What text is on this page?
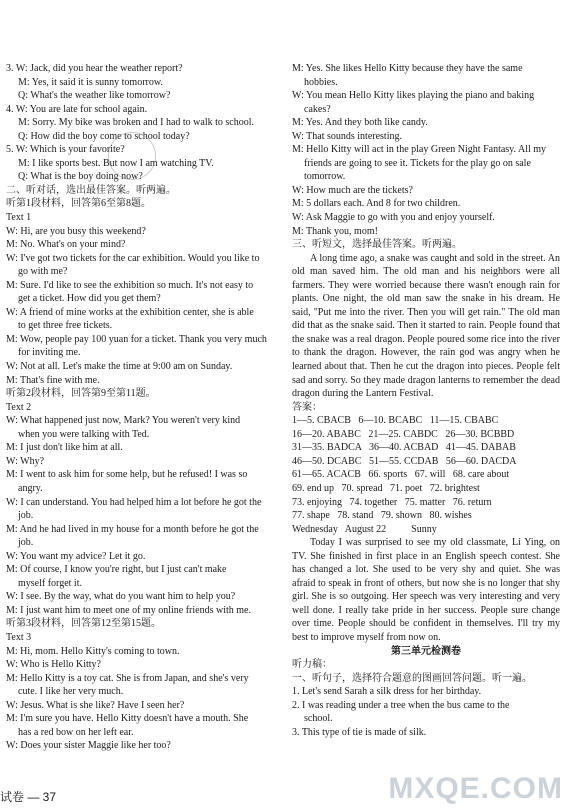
3. W: Jack, did you hear the weather report?
M: Yes, it said it is sunny tomorrow.
Q: What's the weather like tomorrow?
4. W: You are late for school again.
M: Sorry. My bike was broken and I had to walk to school.
Q: How did the boy come to school today?
5. W: Which is your favorite?
M: I like sports best. But now I am watching TV.
Q: What is the boy doing now?
二、听对话，选出最佳答案。听两遍。
听第1段材料，回答第6至第8题。
Text 1
W: Hi, are you busy this weekend?
M: No. What's on your mind?
W: I've got two tickets for the car exhibition. Would you like to
go with me?
M: Sure. I'd like to see the exhibition so much. It's not easy to
get a ticket. How did you get them?
W: A friend of mine works at the exhibition center, she is able
to get three free tickets.
M: Wow, people pay 100 yuan for a ticket. Thank you very much
for inviting me.
W: Not at all. Let's make the time at 9:00 am on Sunday.
M: That's fine with me.
听第2段材料，回答第9至第11题。
Text 2
W: What happened just now, Mark? You weren't very kind
when you were talking with Ted.
M: I just don't like him at all.
W: Why?
M: I went to ask him for some help, but he refused! I was so
angry.
W: I can understand. You had helped him a lot before he got the
job.
M: And he had lived in my house for a month before he got the
job.
W: You want my advice? Let it go.
M: Of course, I know you're right, but I just can't make
myself forget it.
W: I see. By the way, what do you want him to help you?
M: I just want him to meet one of my online friends with me.
听第3段材料，回答第12至第15题。
Text 3
M: Hi, mom. Hello Kitty's coming to town.
W: Who is Hello Kitty?
M: Hello Kitty is a toy cat. She is from Japan, and she's very
cute. I like her very much.
W: Jesus. What is she like? Have I seen her?
M: I'm sure you have. Hello Kitty doesn't have a mouth. She
has a red bow on her left ear.
W: Does your sister Maggie like her too?
M: Yes. She likes Hello Kitty because they have the same
hobbies.
W: You mean Hello Kitty likes playing the piano and baking
cakes?
M: Yes. And they both like candy.
W: That sounds interesting.
M: Hello Kitty will act in the play Green Night Fantasy. All my
friends are going to see it. Tickets for the play go on sale
tomorrow.
W: How much are the tickets?
M: 5 dollars each. And 8 for two children.
W: Ask Maggie to go with you and enjoy yourself.
M: Thank you, mom!
三、听短文，选择最佳答案。听两遍。
A long time ago, a snake was caught and sold in the street. An old man saved him. The old man and his neighbors were all farmers. They were worried because there wasn't enough rain for plants. One night, the old man saw the snake in his dream. He said, "Put me into the river. Then you will get rain." The old man did that as the snake said. Then it started to rain. People found that the snake was a real dragon. People poured some rice into the river to thank the dragon. However, the rain god was angry when he learned about that. Then he cut the dragon into pieces. People felt sad and sorry. So they made dragon lanterns to remember the dead dragon during the Lantern Festival.
答案：
1—5. CBACB   6—10. BCABC   11—15. CBABC
16—20. ABABC   21—25. CABDC   26—30. BCBBD
31—35. BADCA   36—40. ACBAD   41—45. DABAB
46—50. DCABC   51—55. CCDAB   56—60. DACDA
61—65. ACACB   66. sports   67. will   68. care about
69. end up   70. spread   71. poet   72. brightest
73. enjoying   74. together   75. matter   76. return
77. shape   78. stand   79. shown   80. wishes
Wednesday   August 22          Sunny
Today I was surprised to see my old classmate, Li Ying, on TV. She finished in first place in an English speech contest. She has changed a lot. She used to be very shy and quiet. She was afraid to speak in front of others, but now she is no longer that shy girl. She is so outgoing. Her speech was very interesting and very well done. I really take pride in her success. People sure change over time. People should be confident in themselves. I'll try my best to improve myself from now on.
第三单元检测卷
听力稿：
一、听句子，选择符合题意的图画回答问题。听一遍。
1. Let's send Sarah a silk dress for her birthday.
2. I was reading under a tree when the bus came to the
school.
3. This type of tie is made of silk.
试卷 — 37	MXQE.COM
